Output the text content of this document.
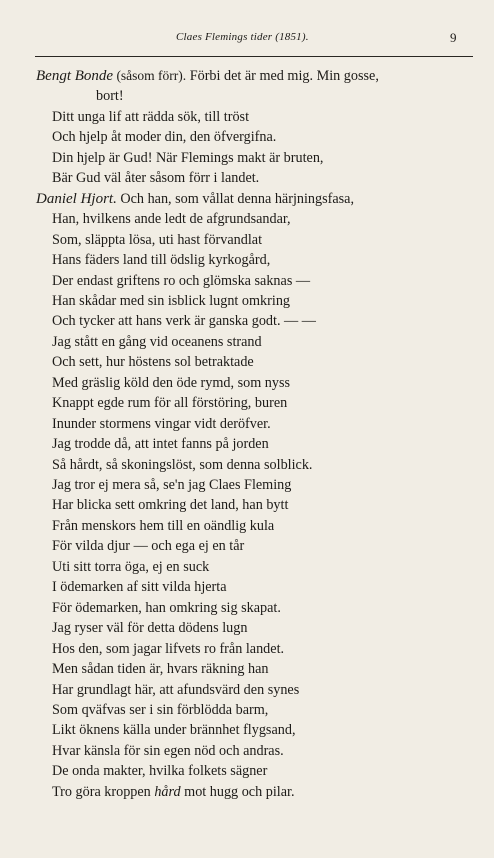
Claes Flemings tider (1851).	9
Bengt Bonde (såsom förr). Förbi det är med mig. Min gosse,
bort!
Ditt unga lif att rädda sök, till tröst
Och hjelp åt moder din, den öfvergifna.
Din hjelp är Gud! När Flemings makt är bruten,
Bär Gud väl åter såsom förr i landet.
Daniel Hjort. Och han, som vållat denna härjningsfasa,
Han, hvilkens ande ledt de afgrundsandar,
Som, släppta lösa, uti hast förvandlat
Hans fäders land till ödslig kyrkogård,
Der endast griftens ro och glömska saknas —
Han skådar med sin isblick lugnt omkring
Och tycker att hans verk är ganska godt. — —
Jag stått en gång vid oceanens strand
Och sett, hur höstens sol betraktade
Med gräslig köld den öde rymd, som nyss
Knappt egde rum för all förstöring, buren
Inunder stormens vingar vidt deröfver.
Jag trodde då, att intet fanns på jorden
Så hårdt, så skoningslöst, som denna solblick.
Jag tror ej mera så, se'n jag Claes Fleming
Har blicka sett omkring det land, han bytt
Från menskors hem till en oändlig kula
För vilda djur — och ega ej en tår
Uti sitt torra öga, ej en suck
I ödemarken af sitt vilda hjerta
För ödemarken, han omkring sig skapat.
Jag ryser väl för detta dödens lugn
Hos den, som jagar lifvets ro från landet.
Men sådan tiden är, hvars räkning han
Har grundlagt här, att afundsvärd den synes
Som qväfvas ser i sin förblödda barm,
Likt öknens källa under brännhet flygsand,
Hvar känsla för sin egen nöd och andras.
De onda makter, hvilka folkets sägner
Tro göra kroppen hård mot hugg och pilar.
